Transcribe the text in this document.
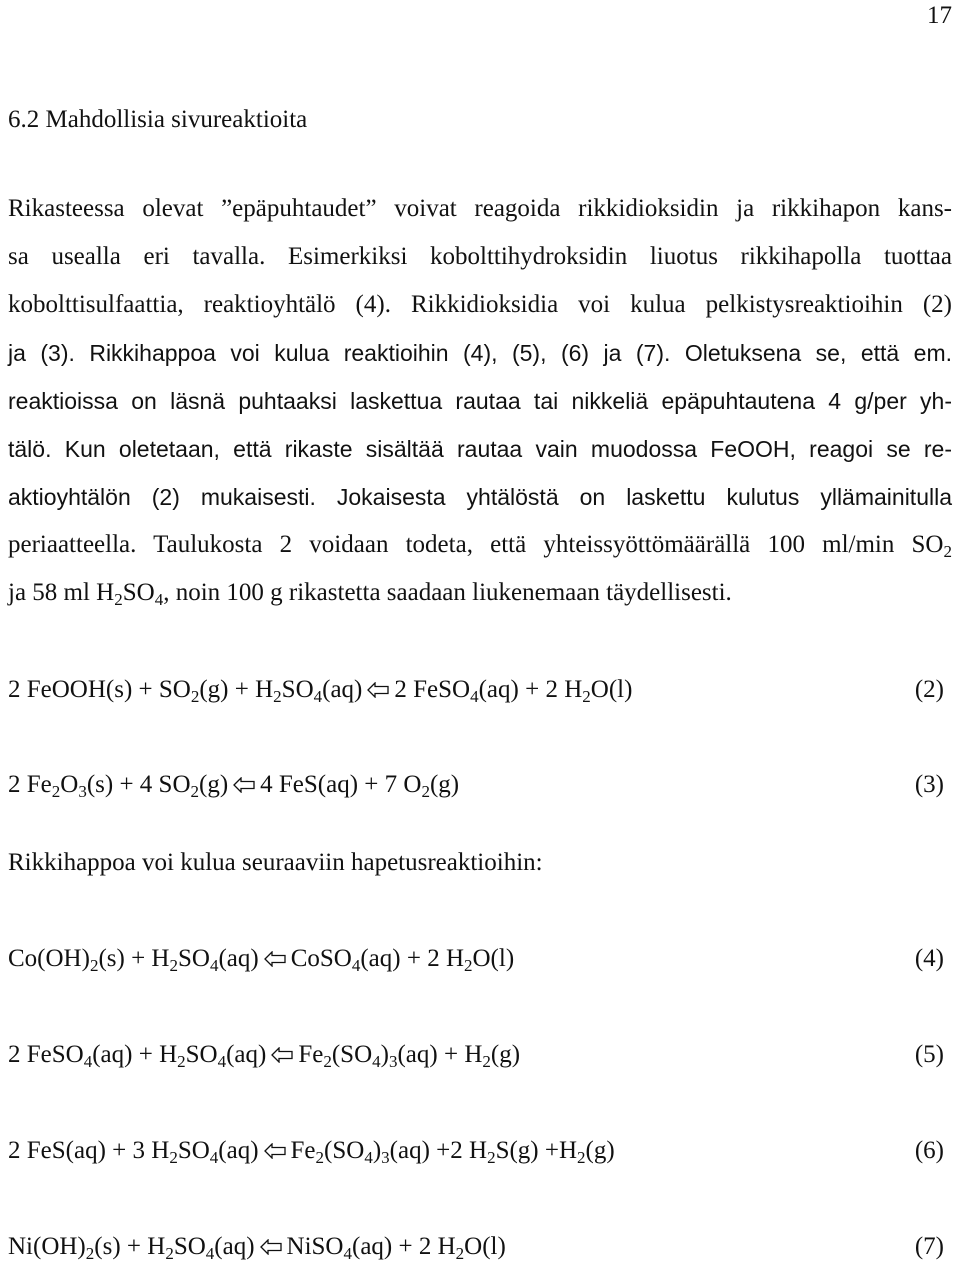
17
6.2 Mahdollisia sivureaktioita
Rikasteessa olevat ”epäpuhtaudet” voivat reagoida rikkidioksidin ja rikkihapon kans-
sa usealla eri tavalla. Esimerkiksi kobolttihydroksidin liuotus rikkihapolla tuottaa
kobolttisulfaattia, reaktioyhtälö (4). Rikkidioksidia voi kulua pelkistysreaktioihin (2)
ja (3). Rikkihappoa voi kulua reaktioihin (4), (5), (6) ja (7). Oletuksena se, että em.
reaktioissa on läsnä puhtaaksi laskettua rautaa tai nikkeliä epäpuhtautena 4 g/per yh-
tälö. Kun oletetaan, että rikaste sisältää rautaa vain muodossa FeOOH, reagoi se re-
aktioyhtälön (2) mukaisesti. Jokaisesta yhtälöstä on laskettu kulutus yllämainitulla
periaatteella. Taulukosta 2 voidaan todeta, että yhteissyöttömäärällä 100 ml/min $SO_2$
ja 58 ml $H_2SO_4$, noin 100 g rikastetta saadaan liukenemaan täydellisesti.
2 FeOOH(s) + $SO_2(g) + H_2SO_4(aq)$ 2 FeSO$_4$(aq) + 2 $H_2O(l)$	(2)
2 $Fe_2O_3(s) + 4$ $SO_2(g)$ 4 FeS(aq) + 7 $O_2(g)$	(3)
Rikkihappoa voi kulua seuraaviin hapetusreaktioihin:
$Co(OH)_2(s) + H_2SO_4(aq)$ CoSO$_4$(aq) + 2 $H_2O(l)$	(4)
2 FeSO$_4$(aq) + $H_2SO_4(aq) Fe_2(SO_4)_3(aq) + H_2(g)$	(5)
2 FeS(aq) + 3 $H_2SO_4(aq)$ $Fe_2(SO_4)_3(aq) +2$ $H_2S(g) +H_2(g)$	(6)
$Ni(OH)_2(s) + H_2SO_4(aq)$ NiSO$_4$(aq) + 2 $H_2O(l)$	(7)
